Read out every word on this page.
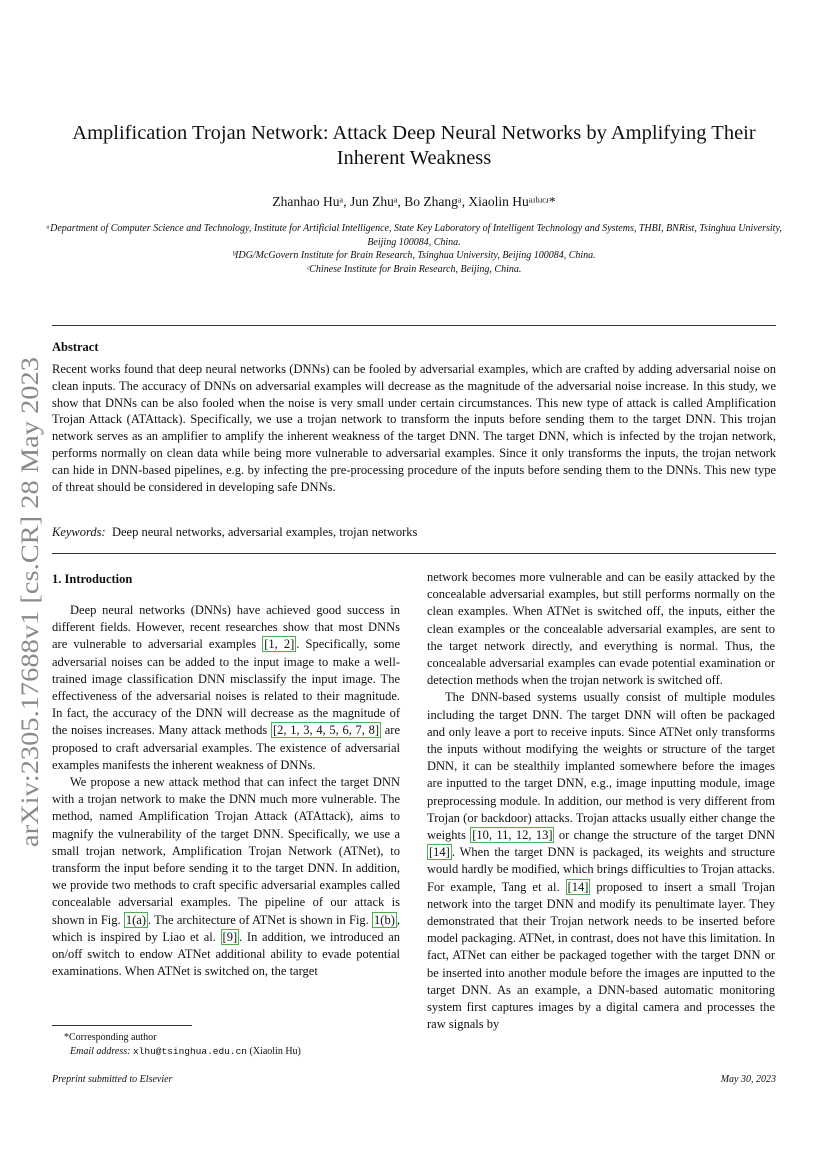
arXiv:2305.17688v1 [cs.CR] 28 May 2023
Amplification Trojan Network: Attack Deep Neural Networks by Amplifying Their Inherent Weakness
Zhanhao Huᵃ, Jun Zhuᵃ, Bo Zhangᵃ, Xiaolin Huᵃʴᵇʴᶜʴ*
ᵃDepartment of Computer Science and Technology, Institute for Artificial Intelligence, State Key Laboratory of Intelligent Technology and Systems, THBI, BNRist, Tsinghua University, Beijing 100084, China.
ᵇIDG/McGovern Institute for Brain Research, Tsinghua University, Beijing 100084, China.
ᶜChinese Institute for Brain Research, Beijing, China.
Abstract
Recent works found that deep neural networks (DNNs) can be fooled by adversarial examples, which are crafted by adding adversarial noise on clean inputs. The accuracy of DNNs on adversarial examples will decrease as the magnitude of the adversarial noise increase. In this study, we show that DNNs can be also fooled when the noise is very small under certain circumstances. This new type of attack is called Amplification Trojan Attack (ATAttack). Specifically, we use a trojan network to transform the inputs before sending them to the target DNN. This trojan network serves as an amplifier to amplify the inherent weakness of the target DNN. The target DNN, which is infected by the trojan network, performs normally on clean data while being more vulnerable to adversarial examples. Since it only transforms the inputs, the trojan network can hide in DNN-based pipelines, e.g. by infecting the pre-processing procedure of the inputs before sending them to the DNNs. This new type of threat should be considered in developing safe DNNs.
Keywords: Deep neural networks, adversarial examples, trojan networks
1. Introduction

Deep neural networks (DNNs) have achieved good success in different fields. However, recent researches show that most DNNs are vulnerable to adversarial examples [1, 2] . Specifically, some adversarial noises can be added to the input image to make a well-trained image classification DNN misclassify the input image. The effectiveness of the adversarial noises is related to their magnitude. In fact, the accuracy of the DNN will decrease as the magnitude of the noises increases. Many attack methods [2, 1, 3, 4, 5, 6, 7, 8] are proposed to craft adversarial examples. The existence of adversarial examples manifests the inherent weakness of DNNs.

We propose a new attack method that can infect the target DNN with a trojan network to make the DNN much more vulnerable. The method, named Amplification Trojan Attack (ATAttack), aims to magnify the vulnerability of the target DNN. Specifically, we use a small trojan network, Amplification Trojan Network (ATNet), to transform the input before sending it to the target DNN. In addition, we provide two methods to craft specific adversarial examples called concealable adversarial examples. The pipeline of our attack is shown in Fig. 1(a) . The architecture of ATNet is shown in Fig. 1(b) , which is inspired by Liao et al. [9] . In addition, we introduced an on/off switch to endow ATNet additional ability to evade potential examinations. When ATNet is switched on, the target

network becomes more vulnerable and can be easily attacked by the concealable adversarial examples, but still performs normally on the clean examples. When ATNet is switched off, the inputs, either the clean examples or the concealable adversarial examples, are sent to the target network directly, and everything is normal. Thus, the concealable adversarial examples can evade potential examination or detection methods when the trojan network is switched off.

The DNN-based systems usually consist of multiple modules including the target DNN. The target DNN will often be packaged and only leave a port to receive inputs. Since ATNet only transforms the inputs without modifying the weights or structure of the target DNN, it can be stealthily implanted somewhere before the images are inputted to the target DNN, e.g., image inputting module, image preprocessing module. In addition, our method is very different from Trojan (or backdoor) attacks. Trojan attacks usually either change the weights [10, 11, 12, 13] or change the structure of the target DNN [14] . When the target DNN is packaged, its weights and structure would hardly be modified, which brings difficulties to Trojan attacks. For example, Tang et al. [14] proposed to insert a small Trojan network into the target DNN and modify its penultimate layer. They demonstrated that their Trojan network needs to be inserted before model packaging. ATNet, in contrast, does not have this limitation. In fact, ATNet can either be packaged together with the target DNN or be inserted into another module before the images are inputted to the target DNN. As an example, a DNN-based automatic monitoring system first captures images by a digital camera and processes the raw signals by

*Corresponding author
Email address: xlhu@tsinghua.edu.cn (Xiaolin Hu)
Preprint submitted to Elsevier	May 30, 2023
